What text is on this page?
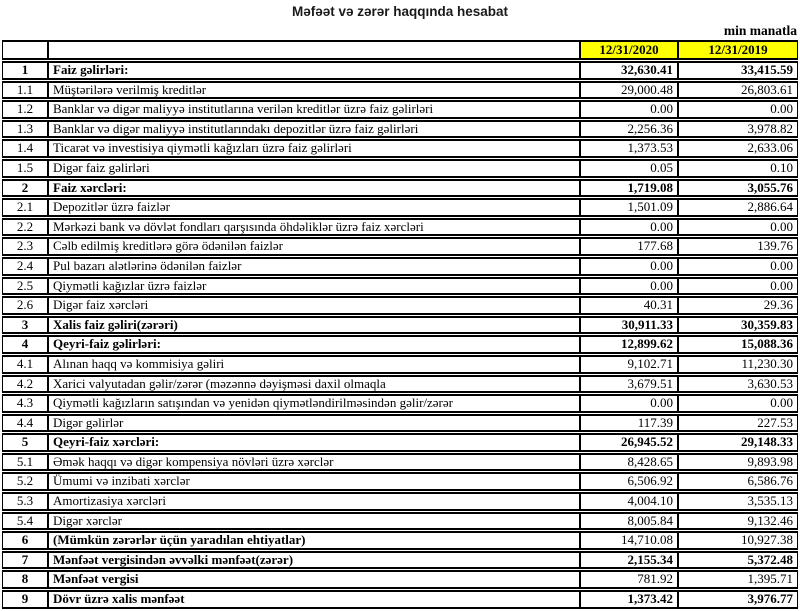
Məfəət və zərər haqqında hesabat
min manatla
		12/31/2020	12/31/2019
1	Faiz gəlirləri:	32,630.41	33,415.59
1.1	Müştərilərə verilmiş kreditlər	29,000.48	26,803.61
1.2	Banklar və digər maliyyə institutlarına verilən kreditlər üzrə faiz gəlirləri	0.00	0.00
1.3	Banklar və digər maliyyə institutlarındakı depozitlər üzrə faiz gəlirləri	2,256.36	3,978.82
1.4	Ticarət və investisiya qiymətli kağızları üzrə faiz gəlirləri	1,373.53	2,633.06
1.5	Digər faiz gəlirləri	0.05	0.10
2	Faiz xərcləri:	1,719.08	3,055.76
2.1	Depozitlər üzrə faizlər	1,501.09	2,886.64
2.2	Mərkəzi bank və dövlət fondları qarşısında öhdəliklər üzrə faiz xərcləri	0.00	0.00
2.3	Cəlb edilmiş kreditlərə görə ödənilən faizlər	177.68	139.76
2.4	Pul bazarı alətlərinə ödənilən faizlər	0.00	0.00
2.5	Qiymətli kağızlar üzrə faizlər	0.00	0.00
2.6	Digər faiz xərcləri	40.31	29.36
3	Xalis faiz gəliri(zərəri)	30,911.33	30,359.83
4	Qeyri-faiz gəlirləri:	12,899.62	15,088.36
4.1	Alınan haqq və kommisiya gəliri	9,102.71	11,230.30
4.2	Xarici valyutadan gəlir/zərər (məzənnə dəyişməsi daxil olmaqla	3,679.51	3,630.53
4.3	Qiymətli kağızların satışından və yenidən qiymətləndirilməsindən gəlir/zərər	0.00	0.00
4.4	Digər gəlirlər	117.39	227.53
5	Qeyri-faiz xərcləri:	26,945.52	29,148.33
5.1	Əmək haqqı və digər kompensiya növləri üzrə xərclər	8,428.65	9,893.98
5.2	Ümumi və inzibati xərclər	6,506.92	6,586.76
5.3	Amortizasiya xərcləri	4,004.10	3,535.13
5.4	Digər xərclər	8,005.84	9,132.46
6	(Mümkün zərərlər üçün yaradılan ehtiyatlar)	14,710.08	10,927.38
7	Mənfəət vergisindən əvvəlki mənfəət(zərər)	2,155.34	5,372.48
8	Mənfəət vergisi	781.92	1,395.71
9	Dövr üzrə xalis mənfəət	1,373.42	3,976.77
